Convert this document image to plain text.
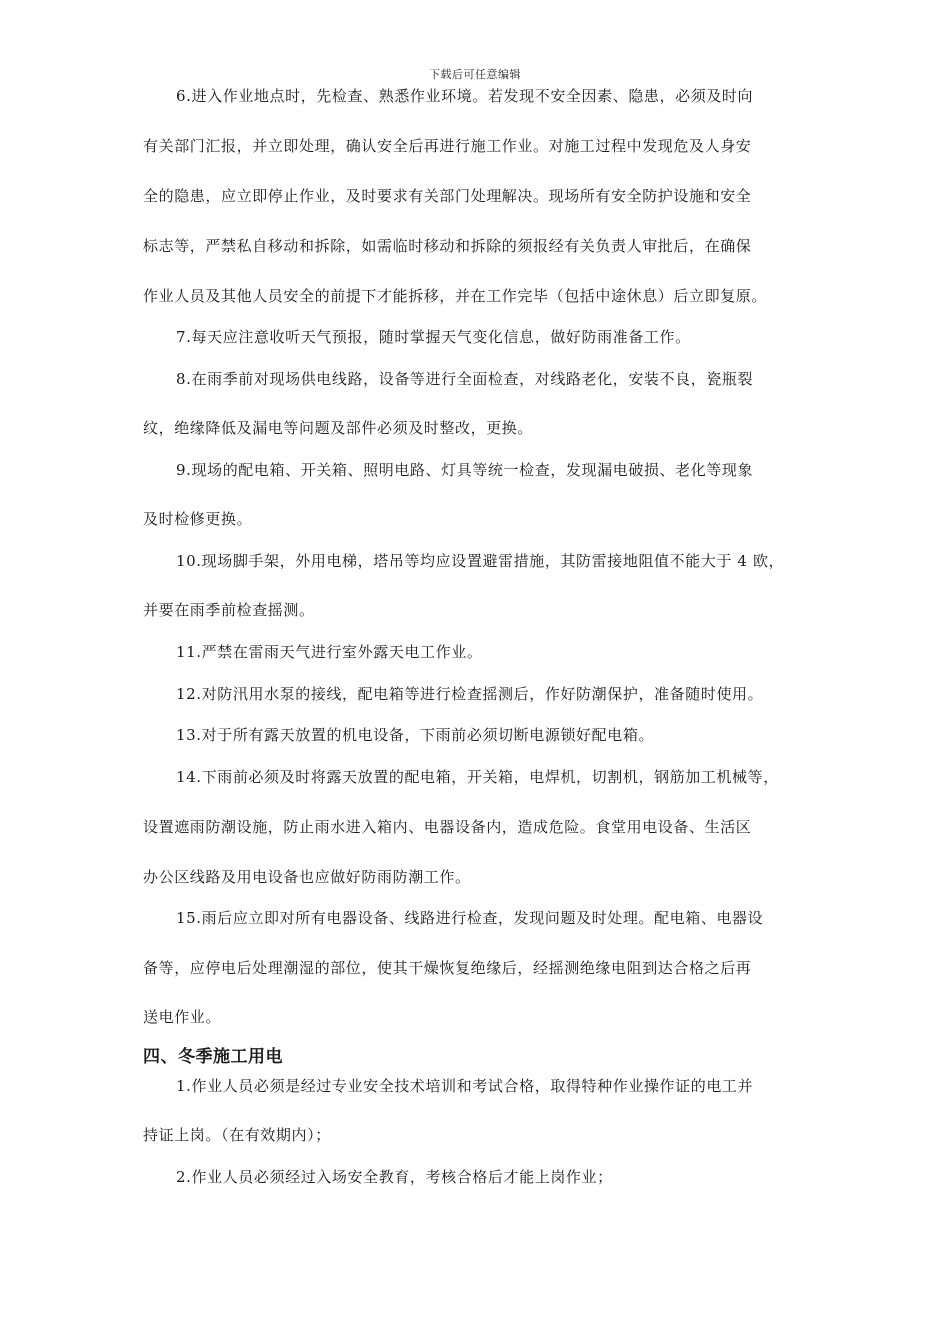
下载后可任意编辑
6.进入作业地点时，先检查、熟悉作业环境。若发现不安全因素、隐患，必须及时向
有关部门汇报，并立即处理，确认安全后再进行施工作业。对施工过程中发现危及人身安
全的隐患，应立即停止作业，及时要求有关部门处理解决。现场所有安全防护设施和安全
标志等，严禁私自移动和拆除，如需临时移动和拆除的须报经有关负责人审批后，在确保
作业人员及其他人员安全的前提下才能拆移，并在工作完毕（包括中途休息）后立即复原。
7.每天应注意收听天气预报，随时掌握天气变化信息，做好防雨准备工作。
8.在雨季前对现场供电线路，设备等进行全面检查，对线路老化，安装不良，瓷瓶裂
纹，绝缘降低及漏电等问题及部件必须及时整改，更换。
9.现场的配电箱、开关箱、照明电路、灯具等统一检查，发现漏电破损、老化等现象
及时检修更换。
10.现场脚手架，外用电梯，塔吊等均应设置避雷措施，其防雷接地阻值不能大于 4 欧，
并要在雨季前检查摇测。
11.严禁在雷雨天气进行室外露天电工作业。
12.对防汛用水泵的接线，配电箱等进行检查摇测后，作好防潮保护，准备随时使用。
13.对于所有露天放置的机电设备，下雨前必须切断电源锁好配电箱。
14.下雨前必须及时将露天放置的配电箱，开关箱，电焊机，切割机，钢筋加工机械等，
设置遮雨防潮设施，防止雨水进入箱内、电器设备内，造成危险。食堂用电设备、生活区
办公区线路及用电设备也应做好防雨防潮工作。
15.雨后应立即对所有电器设备、线路进行检查，发现问题及时处理。配电箱、电器设
备等，应停电后处理潮湿的部位，使其干燥恢复绝缘后，经摇测绝缘电阻到达合格之后再
送电作业。
四、冬季施工用电
1.作业人员必须是经过专业安全技术培训和考试合格，取得特种作业操作证的电工并
持证上岗。（在有效期内）；
2.作业人员必须经过入场安全教育，考核合格后才能上岗作业；
